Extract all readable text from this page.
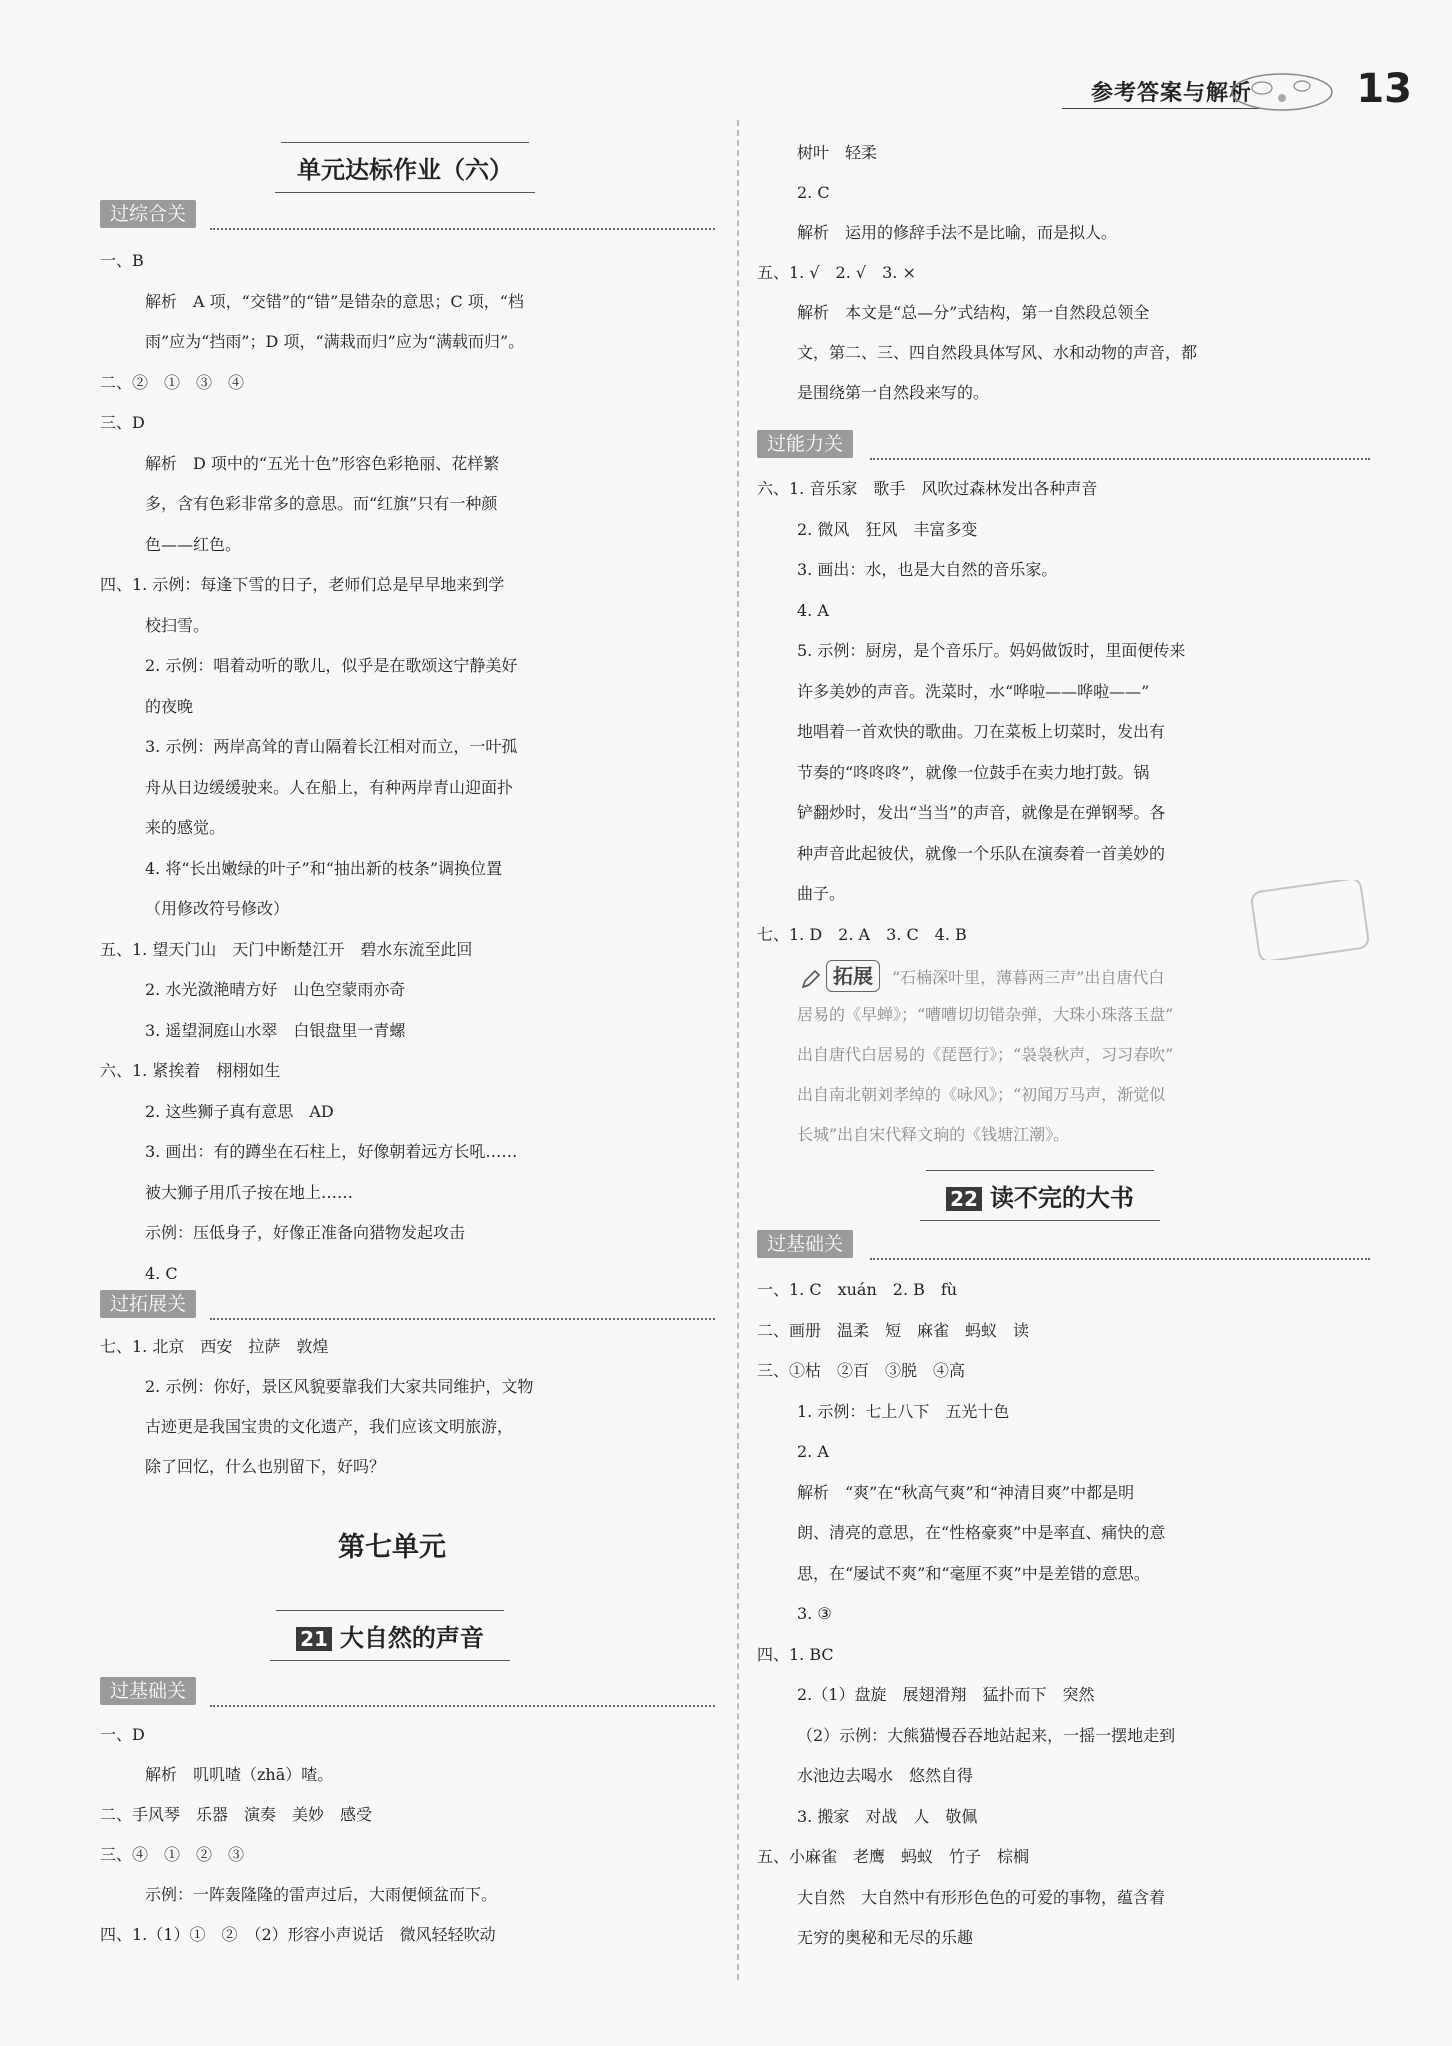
参考答案与解析	13
单元达标作业（六）
过综合关
一、B
解析　A 项，“交错”的“错”是错杂的意思；C 项，“档
雨”应为“挡雨”；D 项，“满栽而归”应为“满载而归”。
二、②　①　③　④
三、D
解析　D 项中的“五光十色”形容色彩艳丽、花样繁
多，含有色彩非常多的意思。而“红旗”只有一种颜
色——红色。
四、1. 示例：每逢下雪的日子，老师们总是早早地来到学
校扫雪。
2. 示例：唱着动听的歌儿，似乎是在歌颂这宁静美好
的夜晚
3. 示例：两岸高耸的青山隔着长江相对而立，一叶孤
舟从日边缓缓驶来。人在船上，有种两岸青山迎面扑
来的感觉。
4. 将“长出嫩绿的叶子”和“抽出新的枝条”调换位置
（用修改符号修改）
五、1. 望天门山　天门中断楚江开　碧水东流至此回
2. 水光潋滟晴方好　山色空蒙雨亦奇
3. 遥望洞庭山水翠　白银盘里一青螺
六、1. 紧挨着　栩栩如生
2. 这些狮子真有意思　AD
3. 画出：有的蹲坐在石柱上，好像朝着远方长吼……
被大狮子用爪子按在地上……
示例：压低身子，好像正准备向猎物发起攻击
4. C
过拓展关
七、1. 北京　西安　拉萨　敦煌
2. 示例：你好，景区风貌要靠我们大家共同维护，文物
古迹更是我国宝贵的文化遗产，我们应该文明旅游，
除了回忆，什么也别留下，好吗？
第七单元
21 大自然的声音
过基础关
一、D
解析　叽叽喳（zhā）喳。
二、手风琴　乐器　演奏　美妙　感受
三、④　①　②　③
示例：一阵轰隆隆的雷声过后，大雨便倾盆而下。
四、1.（1）①　②　（2）形容小声说话　微风轻轻吹动
树叶　轻柔
2. C
解析　运用的修辞手法不是比喻，而是拟人。
五、1. √　2. √　3. ×
解析　本文是“总—分”式结构，第一自然段总领全
文，第二、三、四自然段具体写风、水和动物的声音，都
是围绕第一自然段来写的。
过能力关
六、1. 音乐家　歌手　风吹过森林发出各种声音
2. 微风　狂风　丰富多变
3. 画出：水，也是大自然的音乐家。
4. A
5. 示例：厨房，是个音乐厅。妈妈做饭时，里面便传来
许多美妙的声音。洗菜时，水“哗啦——哗啦——”
地唱着一首欢快的歌曲。刀在菜板上切菜时，发出有
节奏的“咚咚咚”，就像一位鼓手在卖力地打鼓。锅
铲翻炒时，发出“当当”的声音，就像是在弹钢琴。各
种声音此起彼伏，就像一个乐队在演奏着一首美妙的
曲子。
七、1. D　2. A　3. C　4. B
拓展 “石楠深叶里，薄暮两三声”出自唐代白
居易的《早蝉》；“嘈嘈切切错杂弹，大珠小珠落玉盘”
出自唐代白居易的《琵琶行》；“袅袅秋声，习习春吹”
出自南北朝刘孝绰的《咏风》；“初闻万马声，渐觉似
长城”出自宋代释文珦的《钱塘江潮》。
22 读不完的大书
过基础关
一、1. C　xuán　2. B　fù
二、画册　温柔　短　麻雀　蚂蚁　读
三、①枯　②百　③脱　④高
1. 示例：七上八下　五光十色
2. A
解析　“爽”在“秋高气爽”和“神清目爽”中都是明
朗、清亮的意思，在“性格豪爽”中是率直、痛快的意
思，在“屡试不爽”和“毫厘不爽”中是差错的意思。
3. ③
四、1. BC
2.（1）盘旋　展翅滑翔　猛扑而下　突然
（2）示例：大熊猫慢吞吞地站起来，一摇一摆地走到
水池边去喝水　悠然自得
3. 搬家　对战　人　敬佩
五、小麻雀　老鹰　蚂蚁　竹子　棕榈
大自然　大自然中有形形色色的可爱的事物，蕴含着
无穷的奥秘和无尽的乐趣
